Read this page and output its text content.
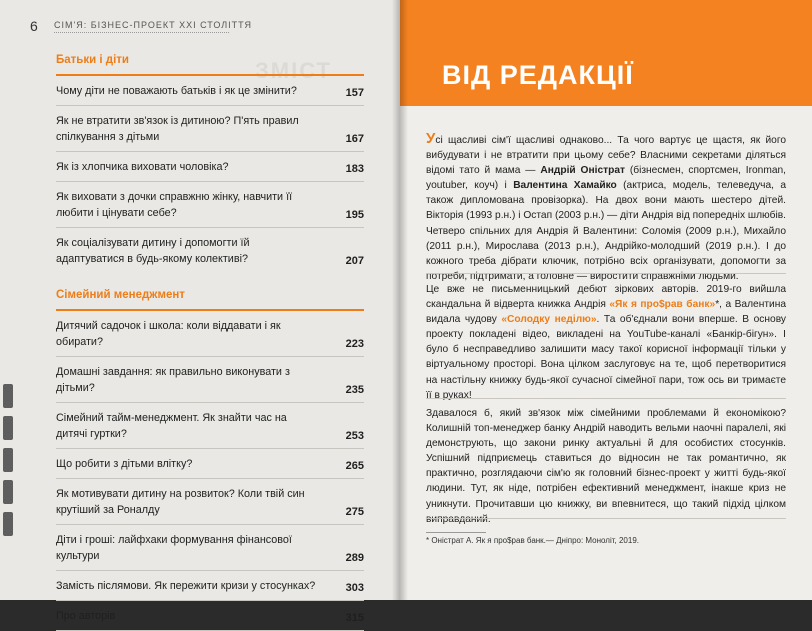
6 СІМ'Я: БІЗНЕС-ПРОЕКТ XXI СТОЛІТТЯ
ЗМІСТ
Батьки і діти
Чому діти не поважають батьків і як це змінити?	157
Як не втратити зв'язок із дитиною? П'ять правил спілкування з дітьми	167
Як із хлопчика виховати чоловіка?	183
Як виховати з дочки справжню жінку, навчити її любити і цінувати себе?	195
Як соціалізувати дитину і допомогти їй адаптуватися в будь-якому колективі?	207
Сімейний менеджмент
Дитячий садочок і школа: коли віддавати і як обирати?	223
Домашні завдання: як правильно виконувати з дітьми?	235
Сімейний тайм-менеджмент. Як знайти час на дитячі гуртки?	253
Що робити з дітьми влітку?	265
Як мотивувати дитину на розвиток? Коли твій син крутіший за Роналду	275
Діти і гроші: лайфхаки формування фінансової культури	289
Замість післямови. Як пережити кризи у стосунках?	303
Про авторів	315
ВІД РЕДАКЦІЇ
Усі щасливі сім'ї щасливі однаково... Та чого вартує це щастя, як його вибудувати і не втратити при цьому себе? Власними секретами діляться відомі тато й мама — Андрій Оністрат (бізнесмен, спортсмен, Ironman, youtuber, коуч) і Валентина Хамайко (актриса, модель, телеведуча, а також дипломована провізорка). На двох вони мають шестеро дітей. Вікторія (1993 р.н.) і Остап (2003 р.н.) — діти Андрія від попередніх шлюбів. Четверо спільних для Андрія й Валентини: Соломія (2009 р.н.), Михайло (2011 р.н.), Мирослава (2013 р.н.), Андрійко-молодший (2019 р.н.). І до кожного треба дібрати ключик, потрібно всіх організувати, допомогти за потреби, підтримати, а головне — виростити справжніми людьми.
Це вже не письменницький дебют зіркових авторів. 2019-го вийшла скандальна й відверта книжка Андрія «Як я про$рав банк»*, а Валентина видала чудову «Солодку неділю». Та об'єднали вони вперше. В основу проекту покладені відео, викладені на YouTube-каналі «Банкір-бігун». І було б несправедливо залишити масу такої корисної інформації тільки у віртуальному просторі. Вона цілком заслуговує на те, щоб перетворитися на настільну книжку будь-якої сучасної сімейної пари, тож ось ви тримаєте її в руках!
Здавалося б, який зв'язок між сімейними проблемами й економікою? Колишній топ-менеджер банку Андрій наводить вельми наочні паралелі, які демонструють, що закони ринку актуальні й для особистих стосунків. Успішний підприємець ставиться до відносин не так романтично, як практично, розглядаючи сім'ю як головний бізнес-проект у житті будь-якої людини. Тут, як ніде, потрібен ефективний менеджмент, інакше криз не уникнути. Прочитавши цю книжку, ви впевнитеся, що такий підхід цілком виправданий.
* Оністрат А. Як я про$рав банк.— Дніпро: Моноліт, 2019.
